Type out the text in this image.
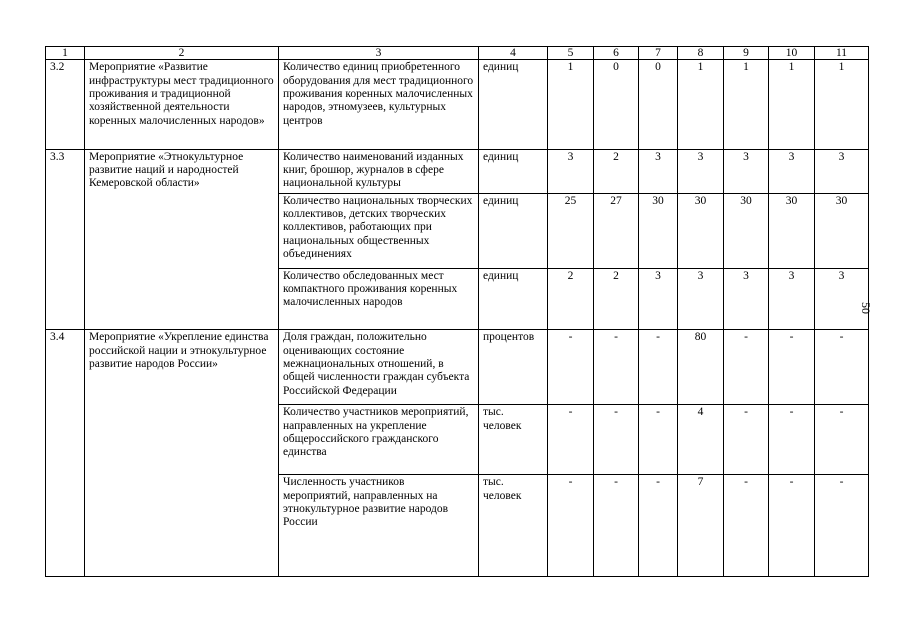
1	2	3	4	5	6	7	8	9	10	11
3.2	Мероприятие «Развитие инфраструктуры мест традиционного проживания и традиционной хозяйственной деятельности коренных малочисленных народов»	Количество единиц приобретенного оборудования для мест традиционного проживания коренных малочисленных народов, этномузеев, культурных центров	единиц	1	0	0	1	1	1	1
3.3	Мероприятие «Этнокультурное развитие наций и народностей Кемеровской области»	Количество наименований изданных книг, брошюр, журналов в сфере национальной культуры	единиц	3	2	3	3	3	3	3
		Количество национальных творческих коллективов, детских творческих коллективов, работающих при национальных общественных объединениях	единиц	25	27	30	30	30	30	30
		Количество обследованных мест компактного проживания коренных малочисленных народов	единиц	2	2	3	3	3	3	3
3.4	Мероприятие «Укрепление единства российской нации и этнокультурное развитие народов России»	Доля граждан, положительно оценивающих состояние межнациональных отношений, в общей численности граждан субъекта Российской Федерации	процентов	-	-	-	80	-	-	-
		Количество участников мероприятий, направленных на укрепление общероссийского гражданского единства	тыс. человек	-	-	-	4	-	-	-
		Численность участников мероприятий, направленных на этнокультурное развитие народов России	тыс. человек	-	-	-	7	-	-	-
50
